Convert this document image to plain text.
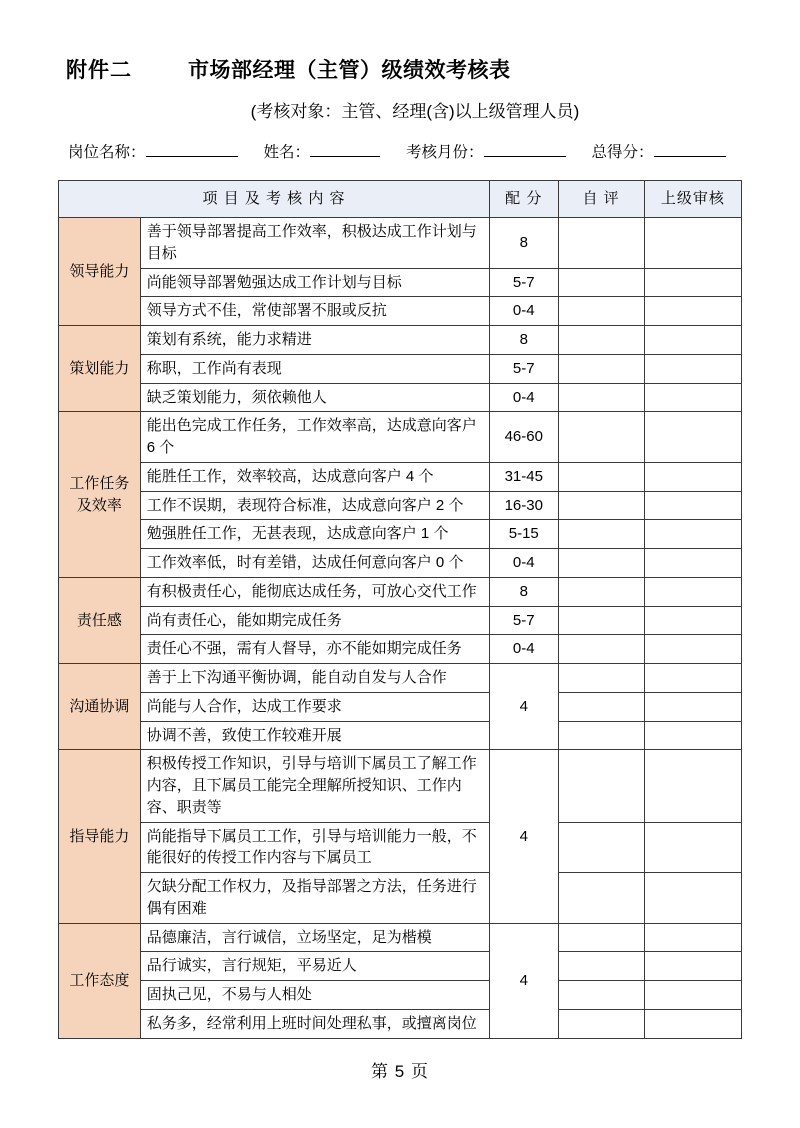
附件二	市场部经理（主管）级绩效考核表
(考核对象：主管、经理(含)以上级管理人员)
岗位名称：	姓名：	考核月份：	总得分：
项 目 及 考 核 内 容		配 分	自 评	上级审核
领导能力	善于领导部署提高工作效率，积极达成工作计划与目标	8		
	尚能领导部署勉强达成工作计划与目标	5-7		
	领导方式不佳，常使部署不服或反抗	0-4		
策划能力	策划有系统，能力求精进	8		
	称职，工作尚有表现	5-7		
	缺乏策划能力，须依赖他人	0-4		
工作任务及效率	能出色完成工作任务，工作效率高，达成意向客户 6 个	46-60		
	能胜任工作，效率较高，达成意向客户 4 个	31-45		
	工作不误期，表现符合标准，达成意向客户 2 个	16-30		
	勉强胜任工作，无甚表现，达成意向客户 1 个	5-15		
	工作效率低，时有差错，达成任何意向客户 0 个	0-4		
责任感	有积极责任心，能彻底达成任务，可放心交代工作	8		
	尚有责任心，能如期完成任务	5-7		
	责任心不强，需有人督导，亦不能如期完成任务	0-4		
沟通协调	善于上下沟通平衡协调，能自动自发与人合作	4		
	尚能与人合作，达成工作要求			
	协调不善，致使工作较难开展			
指导能力	积极传授工作知识，引导与培训下属员工了解工作内容，且下属员工能完全理解所授知识、工作内容、职责等	4		
	尚能指导下属员工工作，引导与培训能力一般，不能很好的传授工作内容与下属员工			
	欠缺分配工作权力，及指导部署之方法，任务进行偶有困难			
工作态度	品德廉洁，言行诚信，立场坚定，足为楷模	4		
	品行诚实，言行规矩，平易近人			
	固执己见，不易与人相处			
	私务多，经常利用上班时间处理私事，或擅离岗位			
第 5 页
